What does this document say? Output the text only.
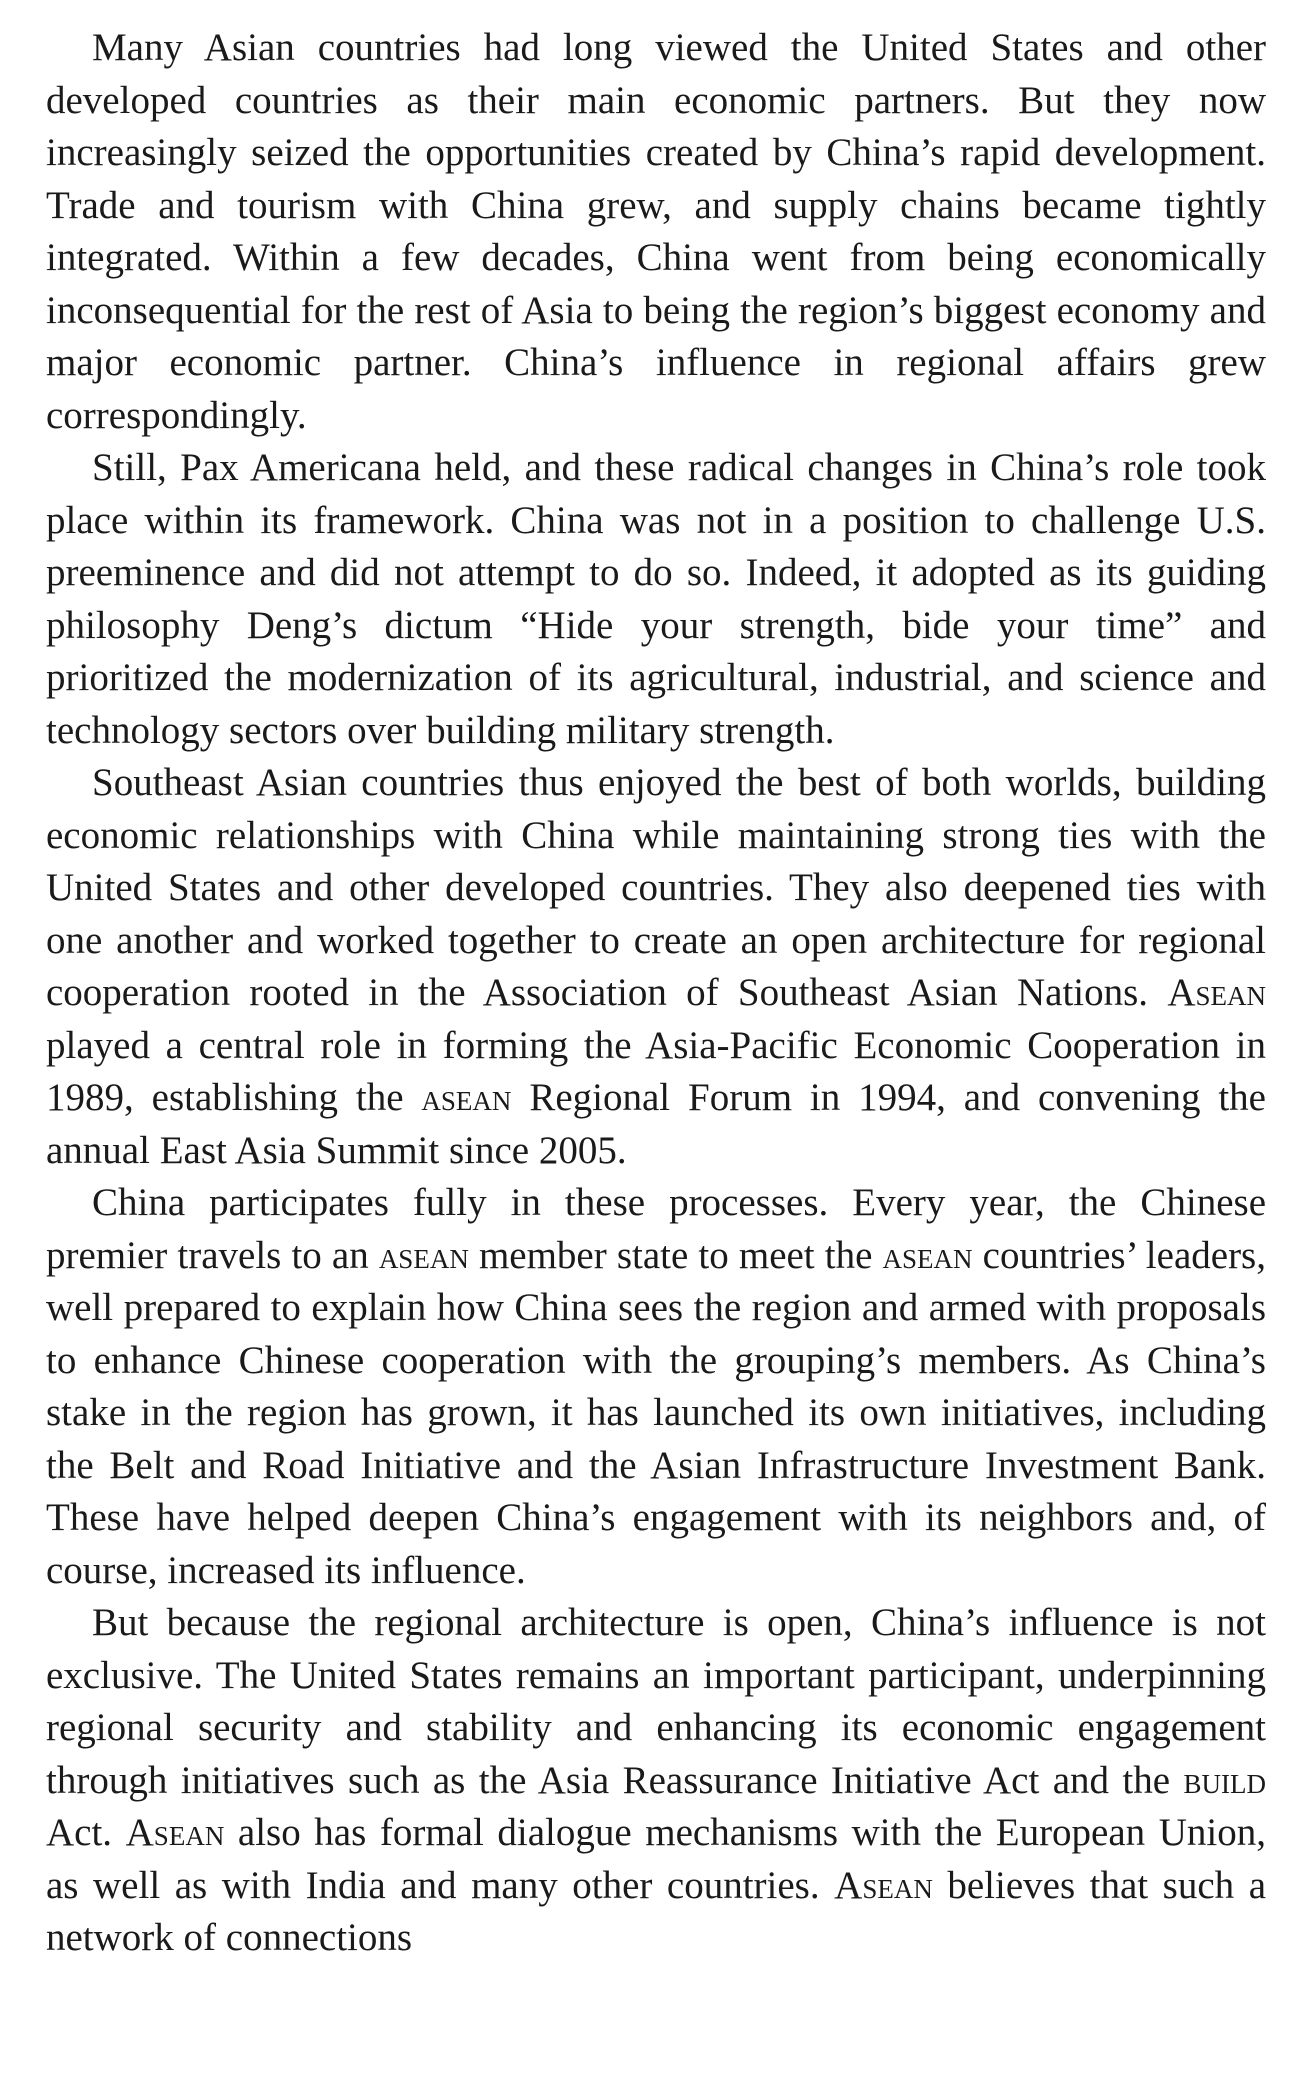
Many Asian countries had long viewed the United States and other developed countries as their main economic partners. But they now increasingly seized the opportunities created by China’s rapid development. Trade and tourism with China grew, and supply chains became tightly integrated. Within a few decades, China went from being economically inconsequential for the rest of Asia to being the region’s biggest economy and major economic partner. China’s influence in regional affairs grew correspondingly.

Still, Pax Americana held, and these radical changes in China’s role took place within its framework. China was not in a position to challenge U.S. preeminence and did not attempt to do so. Indeed, it adopted as its guiding philosophy Deng’s dictum “Hide your strength, bide your time” and prioritized the modernization of its agricultural, industrial, and science and technology sectors over building military strength.

Southeast Asian countries thus enjoyed the best of both worlds, building economic relationships with China while maintaining strong ties with the United States and other developed countries. They also deepened ties with one another and worked together to create an open architecture for regional cooperation rooted in the Association of Southeast Asian Nations. Asean played a central role in forming the Asia-Pacific Economic Cooperation in 1989, establishing the asean Regional Forum in 1994, and convening the annual East Asia Summit since 2005.

China participates fully in these processes. Every year, the Chinese premier travels to an asean member state to meet the asean countries’ leaders, well prepared to explain how China sees the region and armed with proposals to enhance Chinese cooperation with the grouping’s members. As China’s stake in the region has grown, it has launched its own initiatives, including the Belt and Road Initiative and the Asian Infrastructure Investment Bank. These have helped deepen China’s engagement with its neighbors and, of course, increased its influence.

But because the regional architecture is open, China’s influence is not exclusive. The United States remains an important participant, underpinning regional security and stability and enhancing its economic engagement through initiatives such as the Asia Reassurance Initiative Act and the build Act. Asean also has formal dialogue mechanisms with the European Union, as well as with India and many other countries. Asean believes that such a network of connections
